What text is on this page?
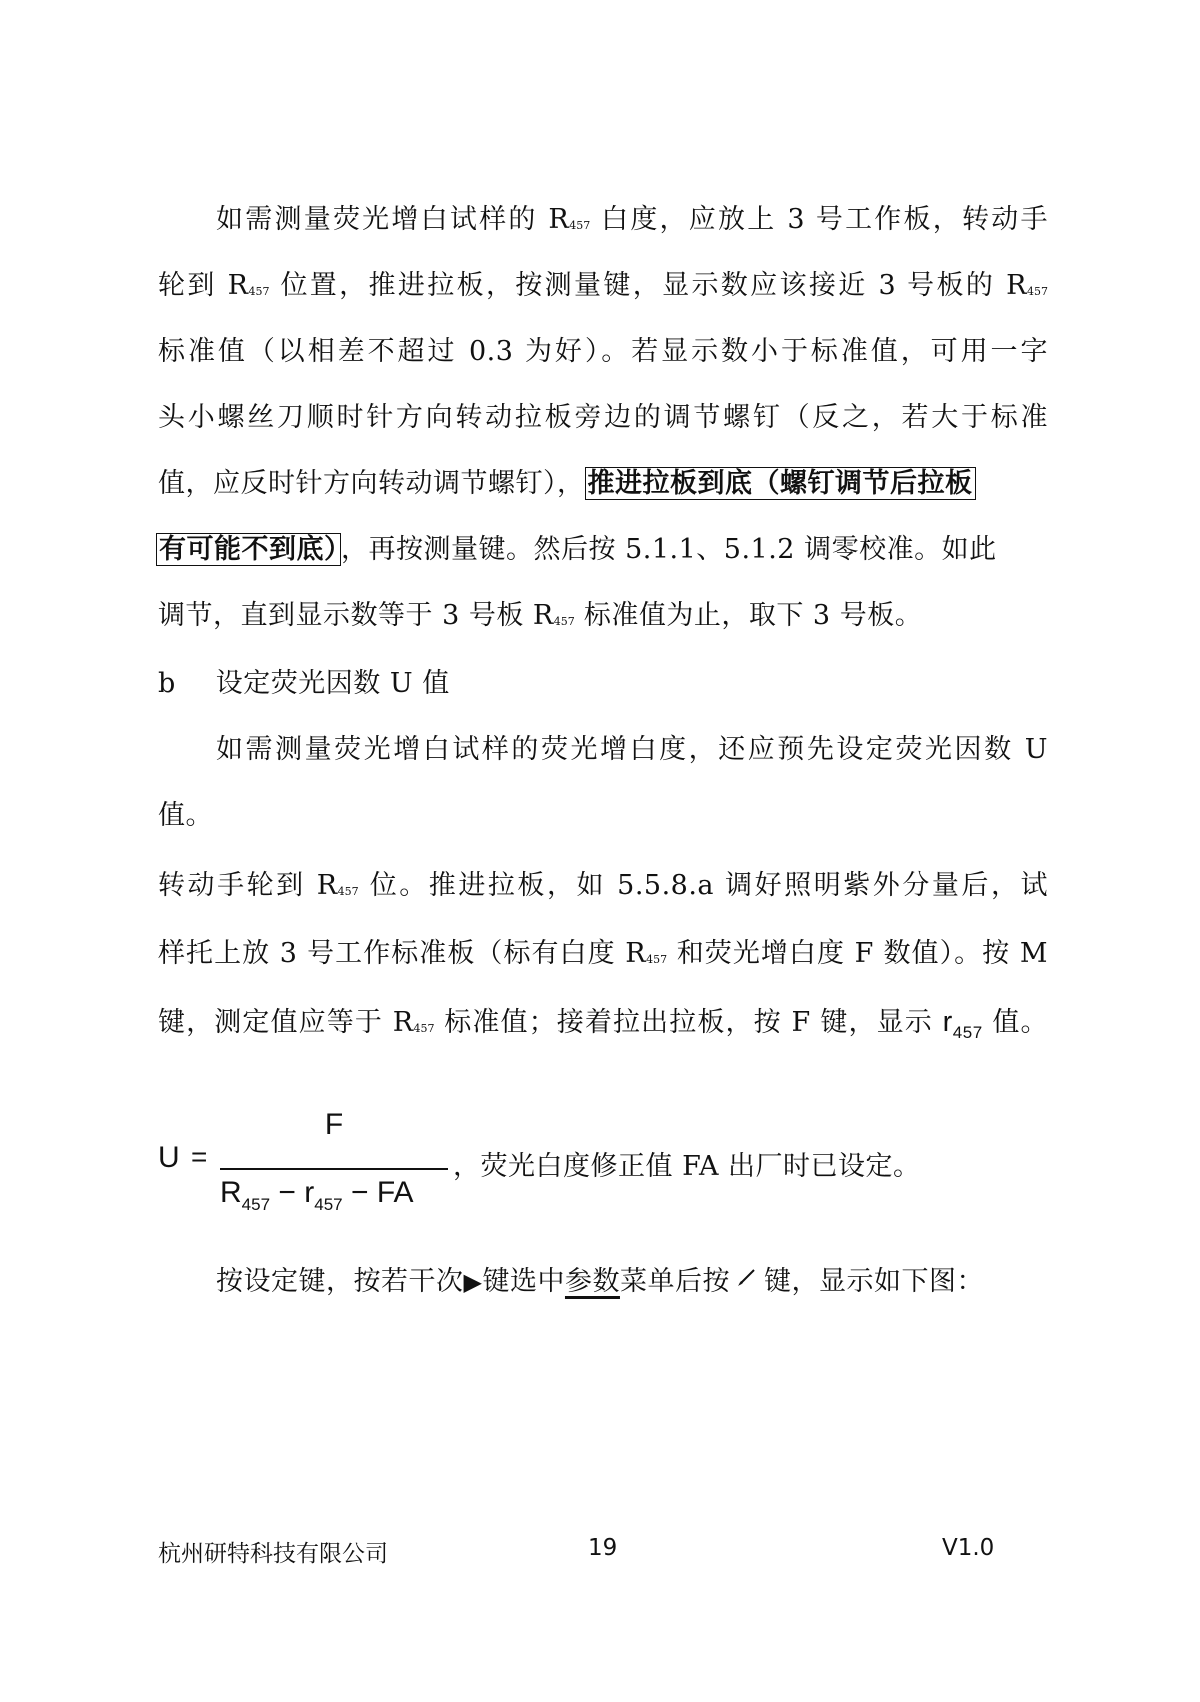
如需测量荧光增白试样的 R457 白度，应放上 3 号工作板，转动手
轮到 R457 位置，推进拉板，按测量键，显示数应该接近 3 号板的 R457
标准值（以相差不超过 0.3 为好）。若显示数小于标准值，可用一字
头小螺丝刀顺时针方向转动拉板旁边的调节螺钉（反之，若大于标准
值，应反时针方向转动调节螺钉）， 推进拉板到底（螺钉调节后拉板
有可能不到底） ，再按测量键。然后按 5.1.1、5.1.2 调零校准。如此
调节，直到显示数等于 3 号板 R457 标准值为止，取下 3 号板。
b 设定荧光因数 U 值
如需测量荧光增白试样的荧光增白度，还应预先设定荧光因数 U
值。
转动手轮到 R457 位。推进拉板，如 5.5.8.a 调好照明紫外分量后，试
样托上放 3 号工作标准板（标有白度 R457 和荧光增白度 F 数值）。按 M
键，测定值应等于 R457 标准值；接着拉出拉板，按 F 键，显示 $r_{457}$ 值。
U =
F
$R_{457} - r_{457}$ − FA
，荧光白度修正值 FA 出厂时已设定。
按设定键，按若干次▶键选中参数菜单后按 键，显示如下图：
杭州研特科技有限公司	19	V1.0
